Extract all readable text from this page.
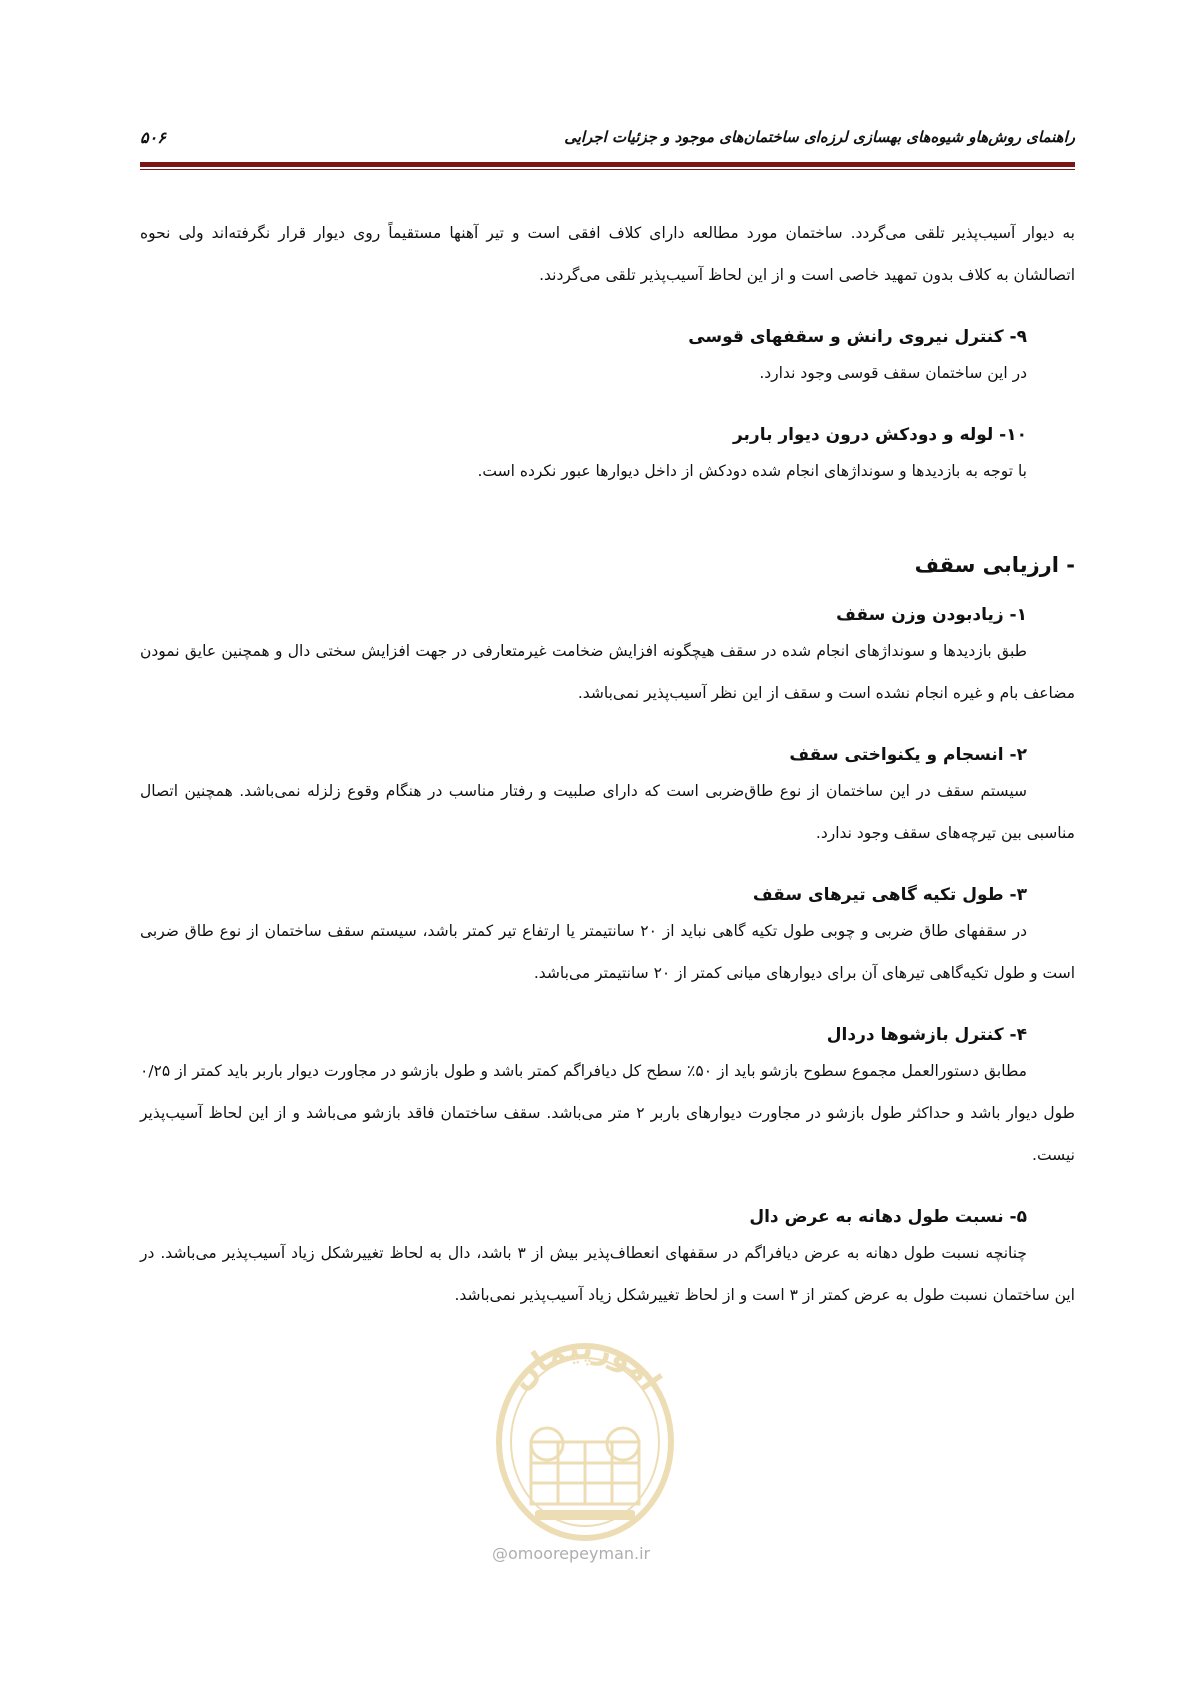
راهنمای روش‌هاو شیوه‌های بهسازی لرزه‌ای ساختمان‌های موجود و جزئیات اجرایی
۵۰۶

به دیوار آسیب‌پذیر تلقی می‌گردد. ساختمان مورد مطالعه دارای کلاف افقی است و تیر آهنها مستقیماً روی دیوار قرار نگرفته‌اند ولی نحوه اتصالشان به کلاف بدون تمهید خاصی است و از این لحاظ آسیب‌پذیر تلقی می‌گردند.

۹- کنترل نیروی رانش و سقفهای قوسی

در این ساختمان سقف قوسی وجود ندارد.

۱۰- لوله و دودکش درون دیوار باربر

با توجه به بازدیدها و سونداژهای انجام شده دودکش از داخل دیوارها عبور نکرده است.

- ارزیابی سقف
۱- زیادبودن وزن سقف

طبق بازدیدها و سونداژهای انجام شده در سقف هیچگونه افزایش ضخامت غیرمتعارفی در جهت افزایش سختی دال و همچنین عایق نمودن مضاعف بام و غیره انجام نشده است و سقف از این نظر آسیب‌پذیر نمی‌باشد.

۲- انسجام و یکنواختی سقف

سیستم سقف در این ساختمان از نوع طاق‌ضربی است که دارای صلبیت و رفتار مناسب در هنگام وقوع زلزله نمی‌باشد. همچنین اتصال مناسبی بین تیرچه‌های سقف وجود ندارد.

۳- طول تکیه گاهی تیرهای سقف

در سقفهای طاق ضربی و چوبی طول تکیه گاهی نباید از ۲۰ سانتیمتر یا ارتفاع تیر کمتر باشد، سیستم سقف ساختمان از نوع طاق ضربی است و طول تکیه‌گاهی تیرهای آن برای دیوارهای میانی کمتر از ۲۰ سانتیمتر می‌باشد.

۴- کنترل بازشوها دردال

مطابق دستورالعمل مجموع سطوح بازشو باید از ۵۰٪ سطح کل دیافراگم کمتر باشد و طول بازشو در مجاورت دیوار باربر باید کمتر از ۰/۲۵ طول دیوار باشد و حداکثر طول بازشو در مجاورت دیوارهای باربر ۲ متر می‌باشد. سقف ساختمان فاقد بازشو می‌باشد و از این لحاظ آسیب‌پذیر نیست.

۵- نسبت طول دهانه به عرض دال

چنانچه نسبت طول دهانه به عرض دیافراگم در سقفهای انعطاف‌پذیر بیش از ۳ باشد، دال به لحاظ تغییرشکل زیاد آسیب‌پذیر می‌باشد. در این ساختمان نسبت طول به عرض کمتر از ۳ است و از لحاظ تغییرشکل زیاد آسیب‌پذیر نمی‌باشد.

امورپیمان
@omoorepeyman.ir
